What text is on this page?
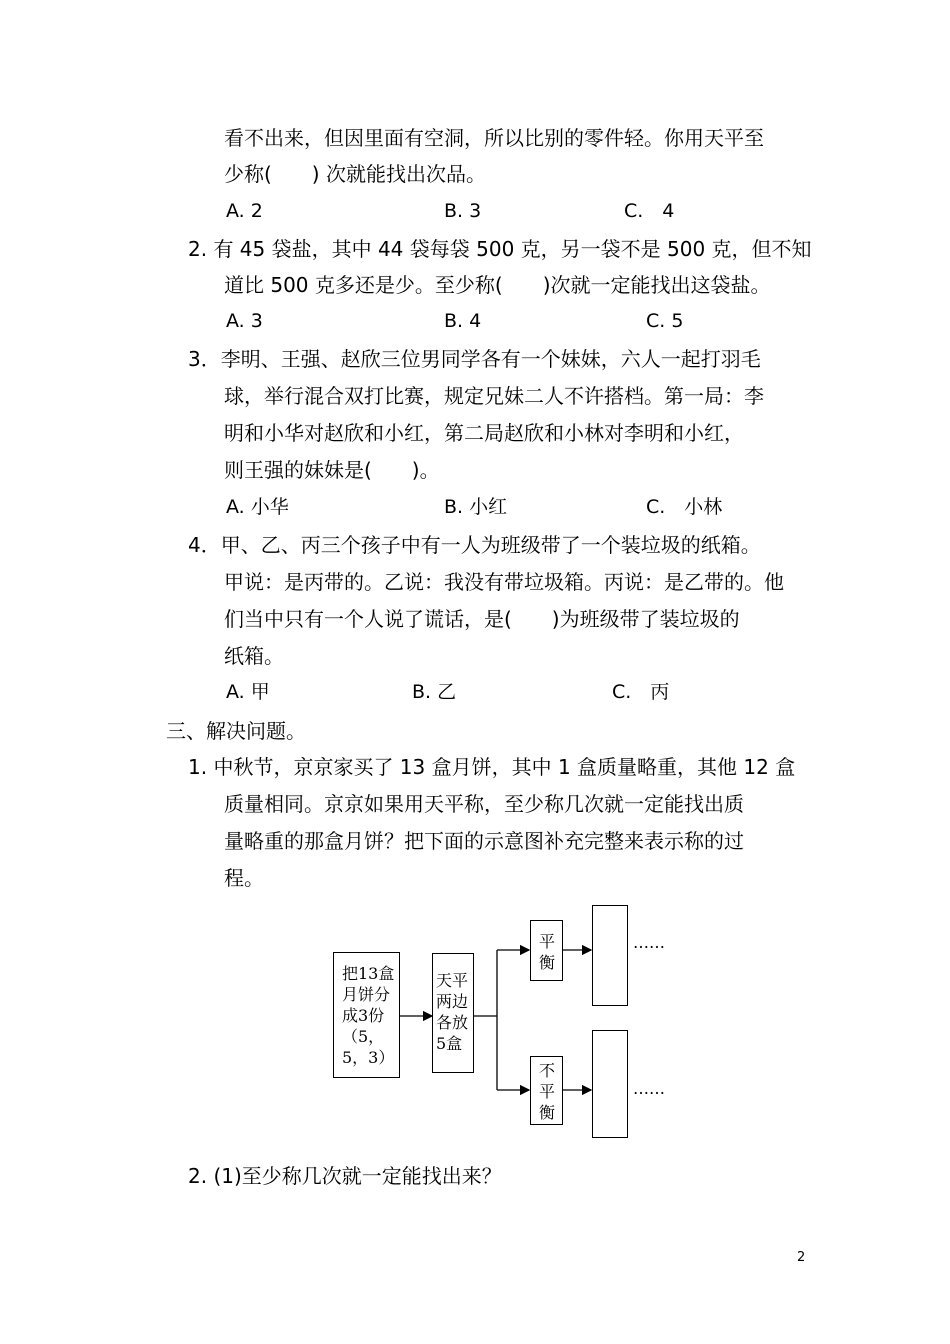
看不出来，但因里面有空洞，所以比别的零件轻。你用天平至
少称(　　) 次就能找出次品。
A. 2	B. 3	C.　4
2. 有 45 袋盐，其中 44 袋每袋 500 克，另一袋不是 500 克，但不知
道比 500 克多还是少。至少称(　　)次就一定能找出这袋盐。
A. 3	B. 4	C. 5
3．李明、王强、赵欣三位男同学各有一个妹妹，六人一起打羽毛
球，举行混合双打比赛，规定兄妹二人不许搭档。第一局：李
明和小华对赵欣和小红，第二局赵欣和小林对李明和小红，
则王强的妹妹是(　　)。
A. 小华	B. 小红	C.　小林
4．甲、乙、丙三个孩子中有一人为班级带了一个装垃圾的纸箱。
甲说：是丙带的。乙说：我没有带垃圾箱。丙说：是乙带的。他
们当中只有一个人说了谎话，是(　　)为班级带了装垃圾的
纸箱。
A. 甲	B. 乙	C.　丙
三、解决问题。
1. 中秋节，京京家买了 13 盒月饼，其中 1 盒质量略重，其他 12 盒
质量相同。京京如果用天平称，至少称几次就一定能找出质
量略重的那盒月饼？把下面的示意图补充完整来表示称的过
程。
把13盒
月饼分
成3份
（5，
5，3）
天平
两边
各放
5盒
平
衡
不
平
衡
……
……
2. (1)至少称几次就一定能找出来？
2
